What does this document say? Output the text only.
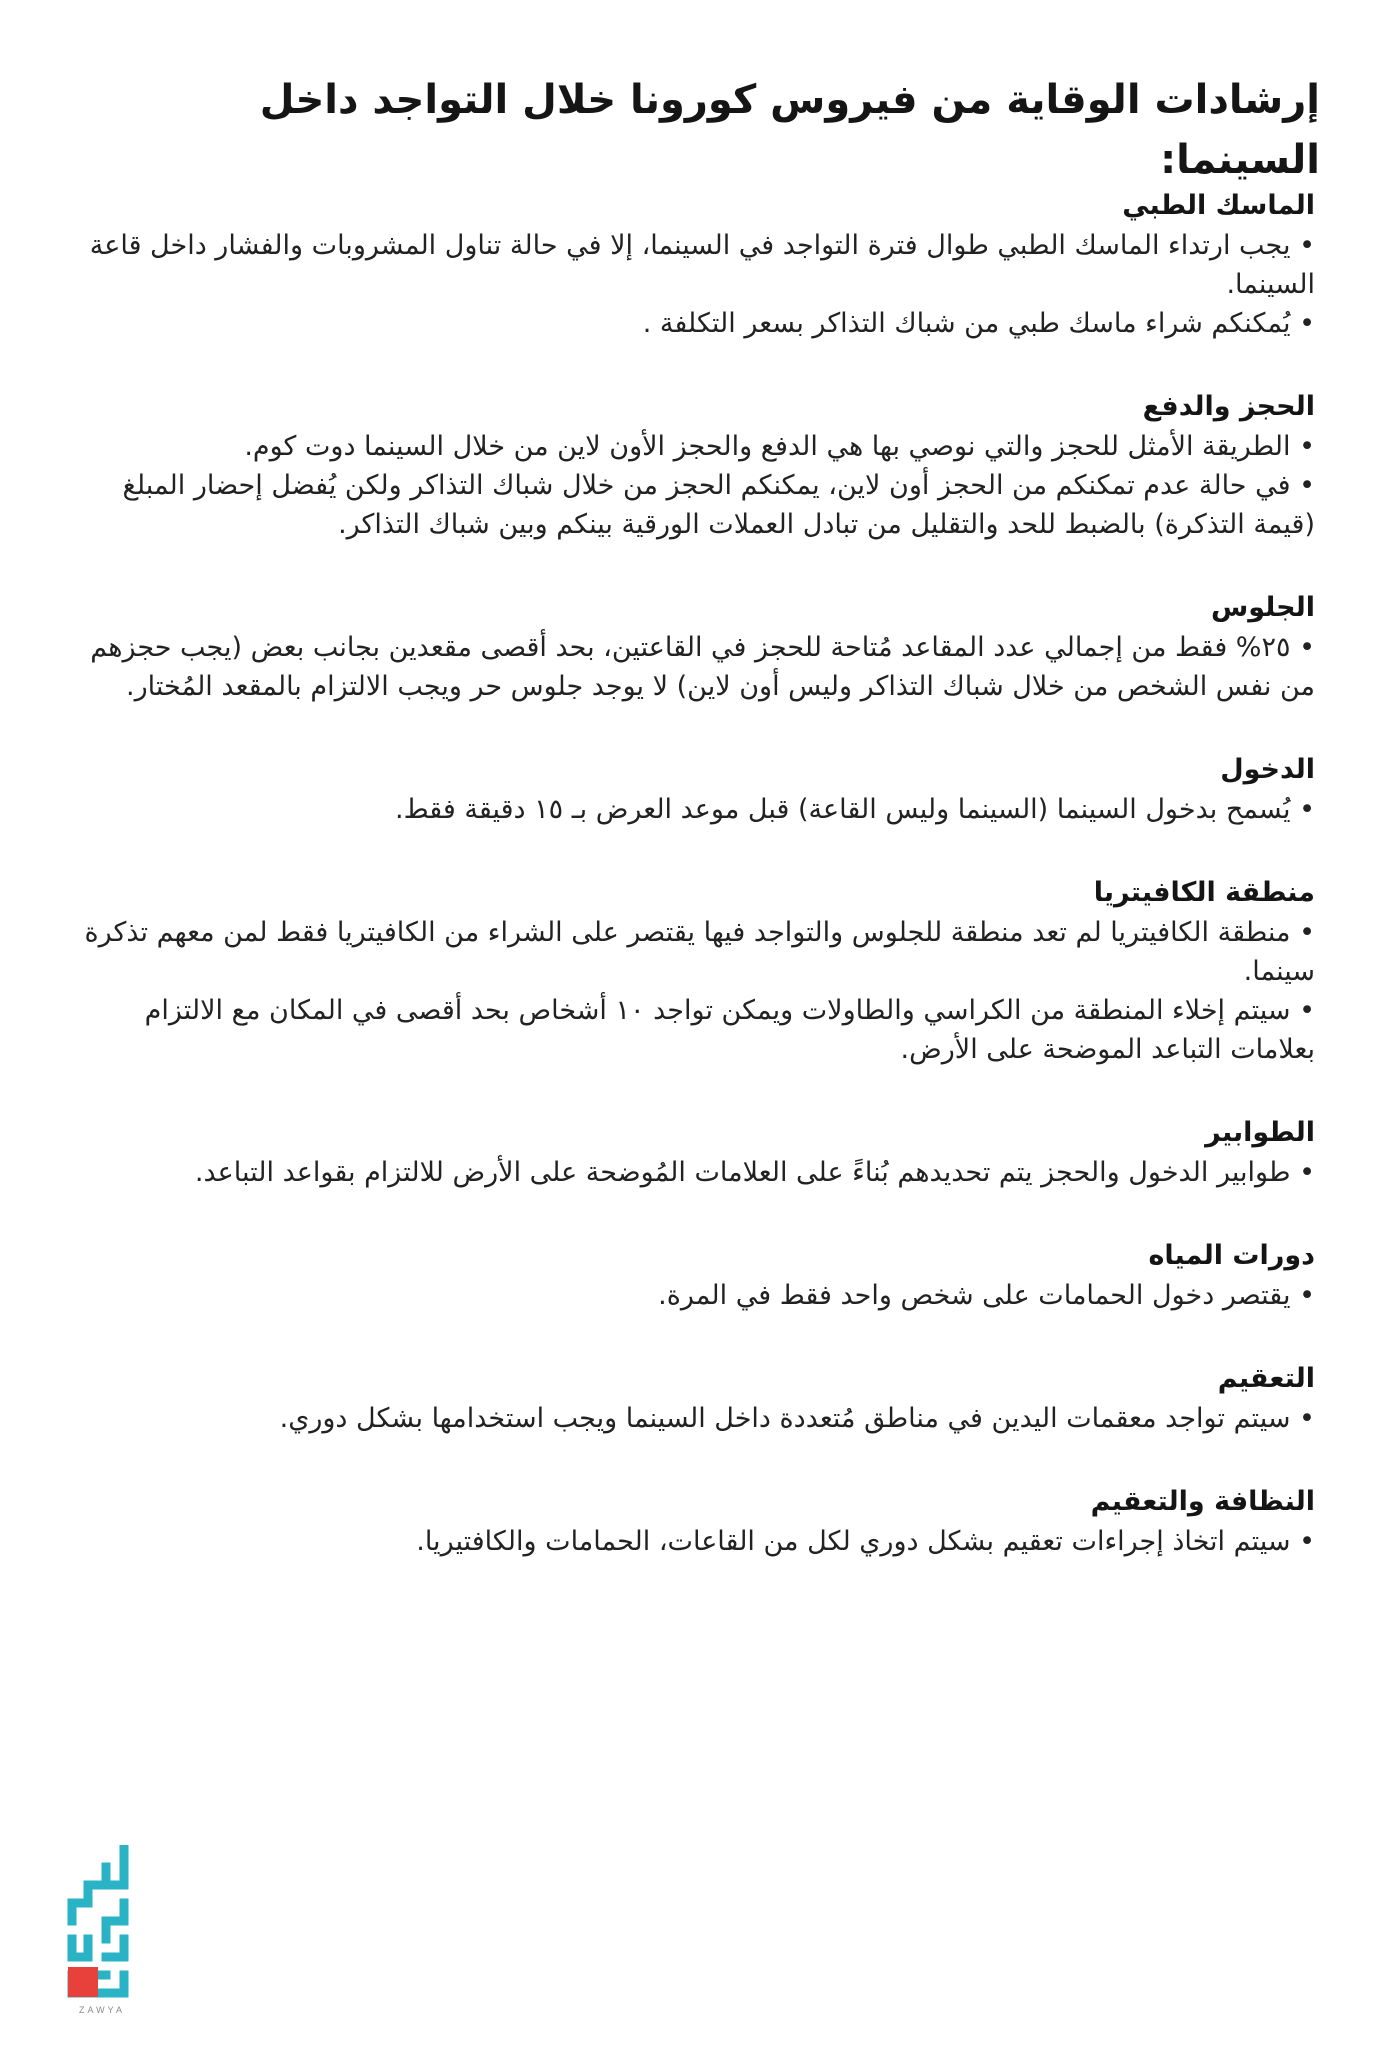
إرشادات الوقاية من فيروس كورونا خلال التواجد داخل السينما:
الماسك الطبي

• يجب ارتداء الماسك الطبي طوال فترة التواجد في السينما، إلا في حالة تناول المشروبات والفشار داخل قاعة السينما.

• يُمكنكم شراء ماسك طبي من شباك التذاكر بسعر التكلفة .

الحجز والدفع

• الطريقة الأمثل للحجز والتي نوصي بها هي الدفع والحجز الأون لاين من خلال السينما دوت كوم.

• في حالة عدم تمكنكم من الحجز أون لاين، يمكنكم الحجز من خلال شباك التذاكر ولكن يُفضل إحضار المبلغ (قيمة التذكرة) بالضبط للحد والتقليل من تبادل العملات الورقية بينكم وبين شباك التذاكر.

الجلوس

• ٢٥% فقط من إجمالي عدد المقاعد مُتاحة للحجز في القاعتين، بحد أقصى مقعدين بجانب بعض (يجب حجزهم من نفس الشخص من خلال شباك التذاكر وليس أون لاين) لا يوجد جلوس حر ويجب الالتزام بالمقعد المُختار.

الدخول

• يُسمح بدخول السينما (السينما وليس القاعة) قبل موعد العرض بـ ١٥ دقيقة فقط.

منطقة الكافيتريا

• منطقة الكافيتريا لم تعد منطقة للجلوس والتواجد فيها يقتصر على الشراء من الكافيتريا فقط لمن معهم تذكرة سينما.

• سيتم إخلاء المنطقة من الكراسي والطاولات ويمكن تواجد ١٠ أشخاص بحد أقصى في المكان مع الالتزام بعلامات التباعد الموضحة على الأرض.

الطوابير

• طوابير الدخول والحجز يتم تحديدهم بُناءً على العلامات المُوضحة على الأرض للالتزام بقواعد التباعد.

دورات المياه

• يقتصر دخول الحمامات على شخص واحد فقط في المرة.

التعقيم

• سيتم تواجد معقمات اليدين في مناطق مُتعددة داخل السينما ويجب استخدامها بشكل دوري.

النظافة والتعقيم

• سيتم اتخاذ إجراءات تعقيم بشكل دوري لكل من القاعات، الحمامات والكافتيريا.

ZAWYA
